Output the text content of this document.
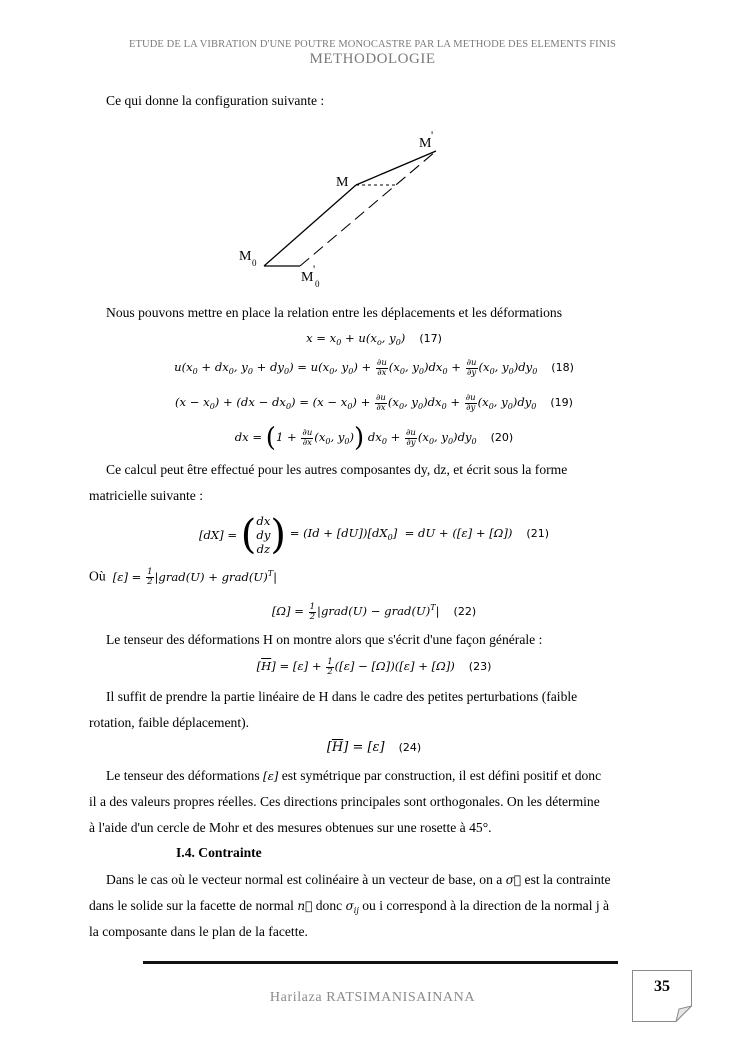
ETUDE DE LA VIBRATION D'UNE POUTRE MONOCASTRE PAR LA METHODE DES ELEMENTS FINIS
METHODOLOGIE
Ce qui donne la configuration suivante :
M
'
M
M 0
M
'
0
Nous pouvons mettre en place la relation entre les déplacements et les déformations
$x = x_0 + u(x_o$, $y_0$) (17)
$u(x_0 + dx_0$, $y_0 + dy_0) = u(x_0$, $y_0) + \frac{\partial u}{\partial x} (x_0$, $y_0)dx_0 + \frac{\partial u}{\partial y} (x_0$, $y_0)dy_0$ (18)
$(x - x_0) + (dx - dx_0) = (x - x_0) + \frac{\partial u}{\partial x} (x_0$, $y_0)dx_0 + \frac{\partial u}{\partial y} (x_0$, $y_0)dy_0$ (19)
dx = ($1 + \frac{\partial u}{\partial x} (x_0$, $y_0$)) $dx_0 + \frac{\partial u}{\partial y} (x_0$, $y_0)dy_0$ (20)
Ce calcul peut être effectué pour les autres composantes dy, dz, et écrit sous la forme
matricielle suivante :
[dX] = (dx
dy
$dz) = (Id + [dU])[dX_0]$  = dU + ([ε] + [Ω]) (21)
Où  $[\varepsilon] = \frac{1}{2}$ |grad(U) + $grad(U)^T|$
$[\Omega] = \frac{1}{2}$ |grad(U) − $grad(U)^T|$ (22)
Le tenseur des déformations H on montre alors que s'écrit d'une façon générale :
$[\overline{H}] = [\varepsilon] + \frac{1}{2} ([\varepsilon] - [\Omega])([\varepsilon] + [\Omega])$ (23)
Il suffit de prendre la partie linéaire de H dans le cadre des petites perturbations (faible
rotation, faible déplacement).
$[\overline{H}] = [\varepsilon]$ (24)
Le tenseur des déformations [ε] est symétrique par construction, il est défini positif et donc
il a des valeurs propres réelles. Ces directions principales sont orthogonales. On les détermine
à l'aide d'un cercle de Mohr et des mesures obtenues sur une rosette à 45°.
I.4. Contrainte
Dans le cas où le vecteur normal est colinéaire à un vecteur de base, on a σ⃗ est la contrainte
dans le solide sur la facette de normal n⃗ donc $\sigma_{ij}$ ou i correspond à la direction de la normal j à
la composante dans le plan de la facette.
Harilaza RATSIMANISAINANA
35
